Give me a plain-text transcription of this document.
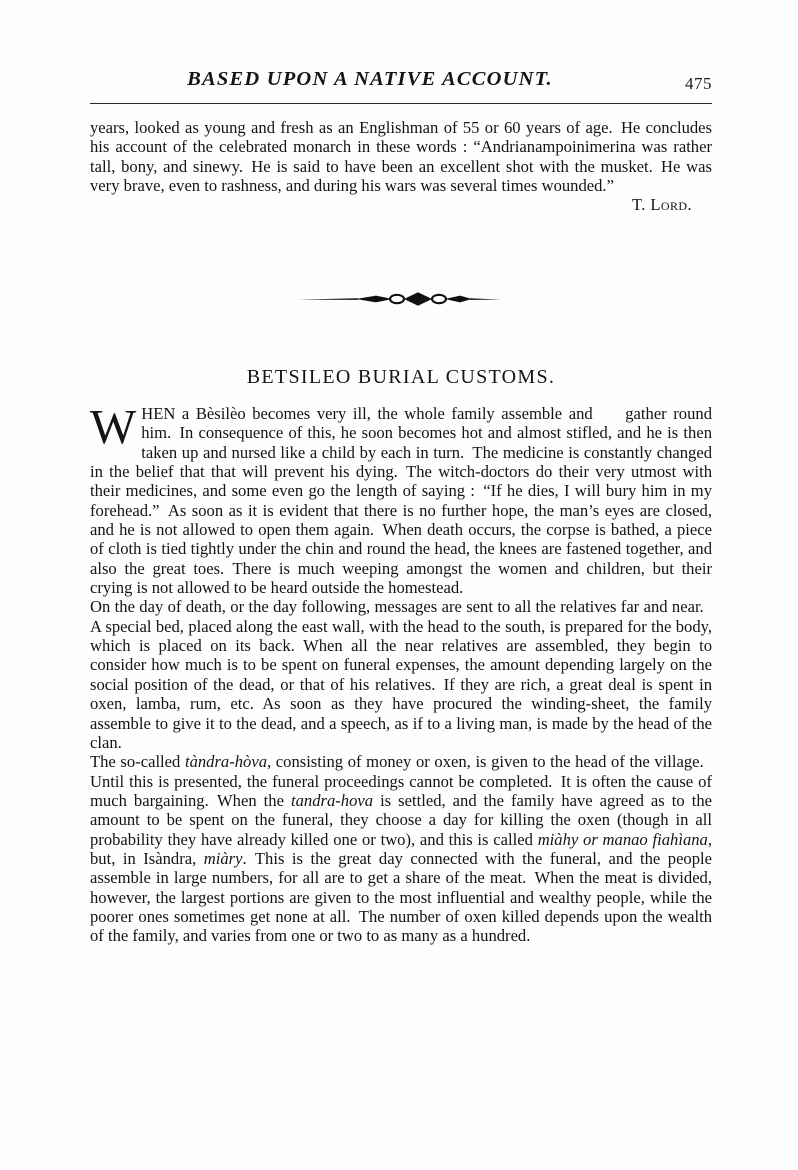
BASED UPON A NATIVE ACCOUNT.	475

years, looked as young and fresh as an Englishman of 55 or 60 years of age. He concludes his account of the celebrated monarch in these words : “Andrianampoinimerina was rather tall, bony, and sinewy. He is said to have been an excellent shot with the musket. He was very brave, even to rashness, and during his wars was several times wounded.”

T. Lord.

BETSILEO BURIAL CUSTOMS.

WHEN a Bèsilèo becomes very ill, the whole family assemble and gather round him. In consequence of this, he soon becomes hot and almost stifled, and he is then taken up and nursed like a child by each in turn. The medicine is constantly changed in the belief that that will prevent his dying. The witch-doctors do their very utmost with their medicines, and some even go the length of saying : “If he dies, I will bury him in my forehead.” As soon as it is evident that there is no further hope, the man’s eyes are closed, and he is not allowed to open them again. When death occurs, the corpse is bathed, a piece of cloth is tied tightly under the chin and round the head, the knees are fastened together, and also the great toes. There is much weeping amongst the women and children, but their crying is not allowed to be heard outside the homestead.

On the day of death, or the day following, messages are sent to all the relatives far and near. A special bed, placed along the east wall, with the head to the south, is prepared for the body, which is placed on its back. When all the near relatives are assembled, they begin to consider how much is to be spent on funeral expenses, the amount depending largely on the social position of the dead, or that of his relatives. If they are rich, a great deal is spent in oxen, lamba, rum, etc. As soon as they have procured the winding-sheet, the family assemble to give it to the dead, and a speech, as if to a living man, is made by the head of the clan.

The so-called tàndra-hòva, consisting of money or oxen, is given to the head of the village. Until this is presented, the funeral proceedings cannot be completed. It is often the cause of much bargaining. When the tandra-hova is settled, and the family have agreed as to the amount to be spent on the funeral, they choose a day for killing the oxen (though in all probability they have already killed one or two), and this is called miàhy or manao fiahìana, but, in Isàndra, miàry. This is the great day connected with the funeral, and the people assemble in large numbers, for all are to get a share of the meat. When the meat is divided, however, the largest portions are given to the most influential and wealthy people, while the poorer ones sometimes get none at all. The number of oxen killed depends upon the wealth of the family, and varies from one or two to as many as a hundred.
